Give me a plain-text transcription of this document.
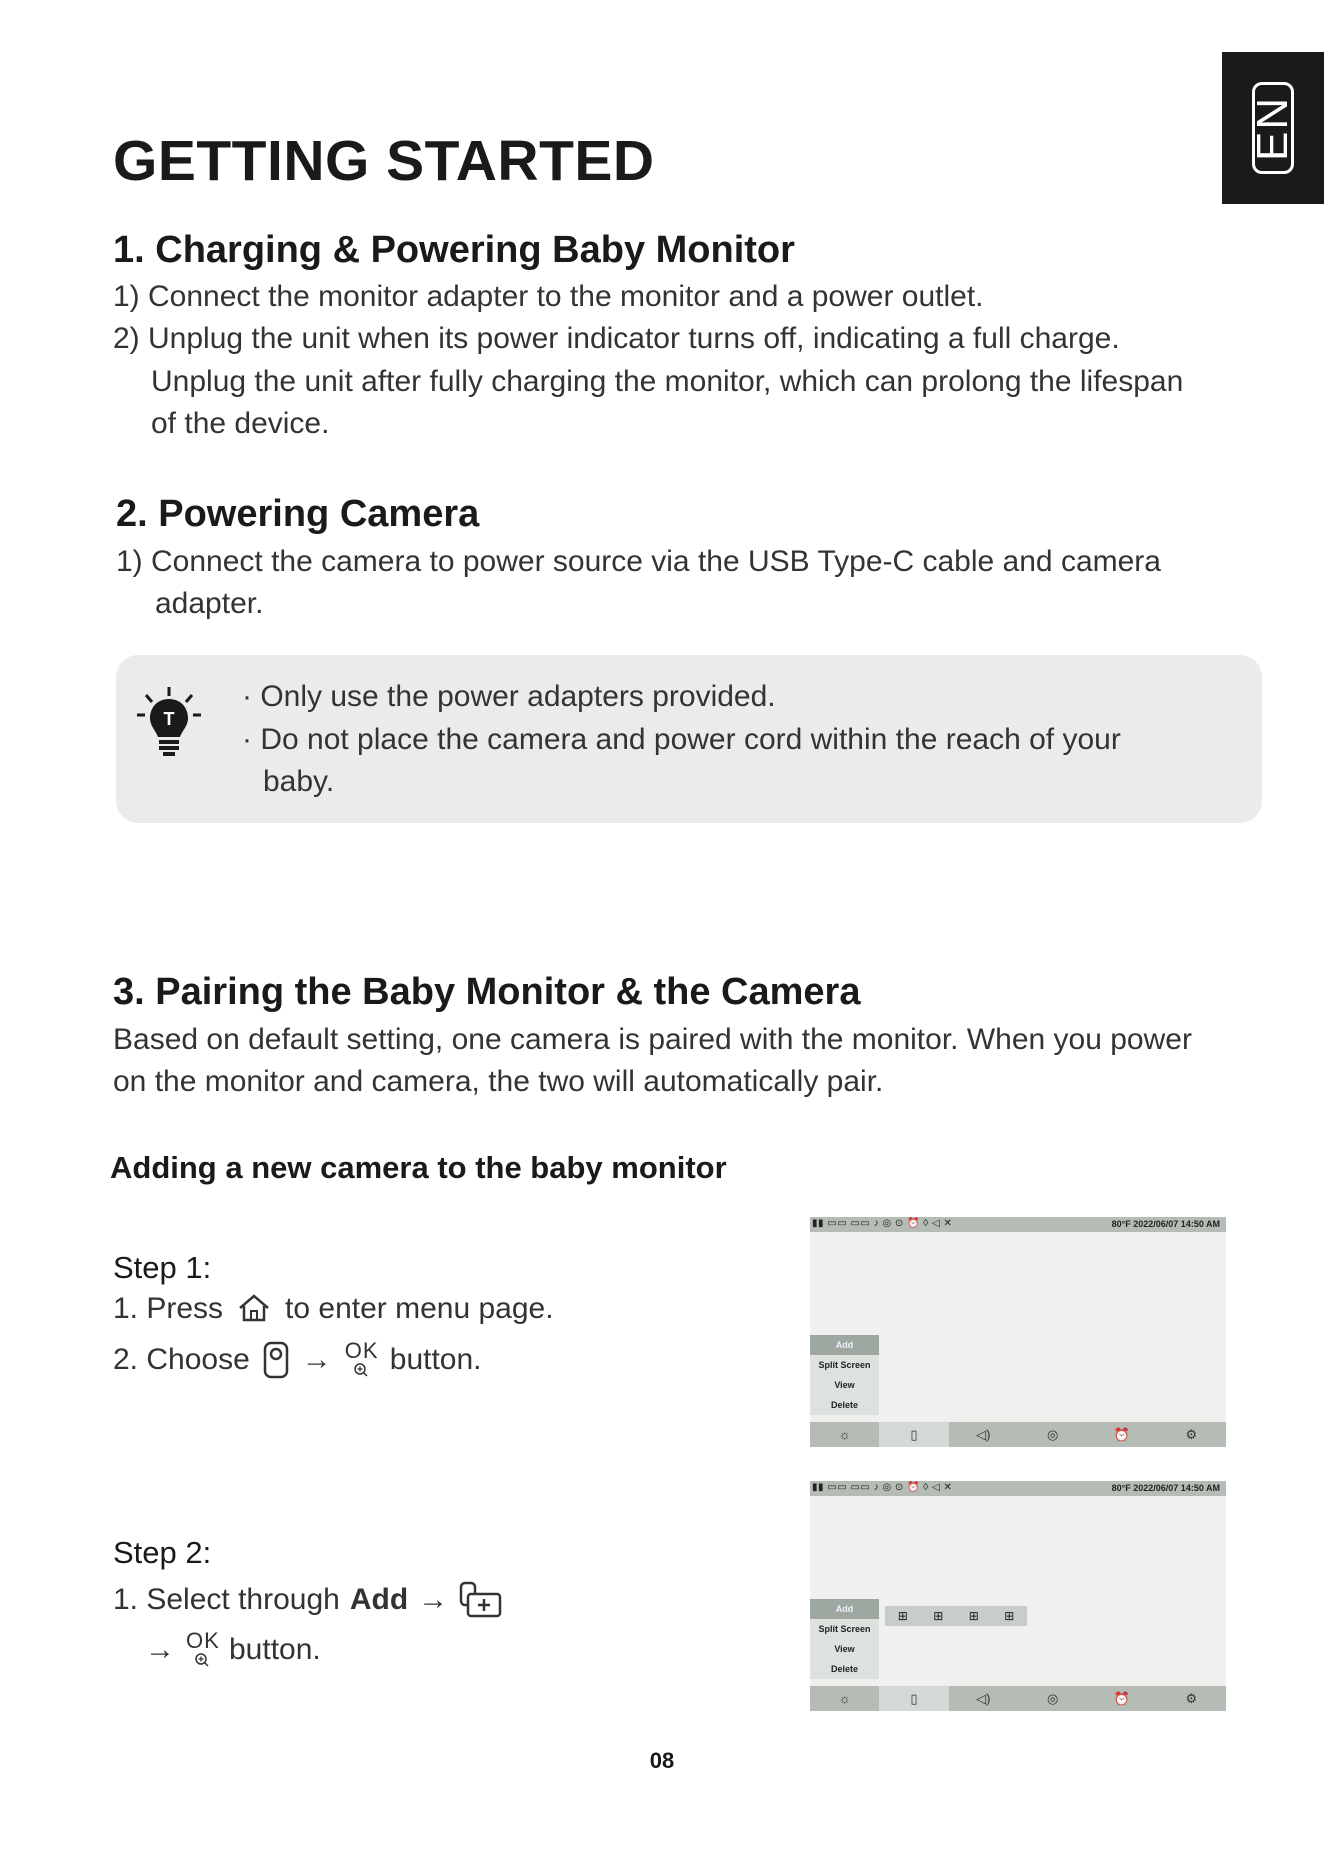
EN
GETTING STARTED
1. Charging & Powering Baby Monitor

1) Connect the monitor adapter to the monitor and a power outlet.

2) Unplug the unit when its power indicator turns off, indicating a full charge.

Unplug the unit after fully charging the monitor, which can prolong the lifespan

of the device.

2. Powering Camera

1) Connect the camera to power source via the USB Type-C cable and camera

adapter.

T
· Only use the power adapters provided.
· Do not place the camera and power cord within the reach of your
baby.
3. Pairing the Baby Monitor & the Camera

Based on default setting, one camera is paired with the monitor. When you power

on the monitor and camera, the two will automatically pair.

Adding a new camera to the baby monitor
Step 1:
1. Press to enter menu page.
2. Choose → OK button.
Step 2:
1. Select through Add →
→ OK button.
▮▮ ▭▭ ▭▭ ♪ ◎ ⊙ ⏰ ◊ ◁ ✕	80°F 2022/06/07 14:50 AM
Add
Split Screen
View
Delete
☼	▯	◁)	◎	⏰	⚙
▮▮ ▭▭ ▭▭ ♪ ◎ ⊙ ⏰ ◊ ◁ ✕	80°F 2022/06/07 14:50 AM
Add
Split Screen
View
Delete
⊞ ⊞ ⊞ ⊞
☼	▯	◁)	◎	⏰	⚙
08
